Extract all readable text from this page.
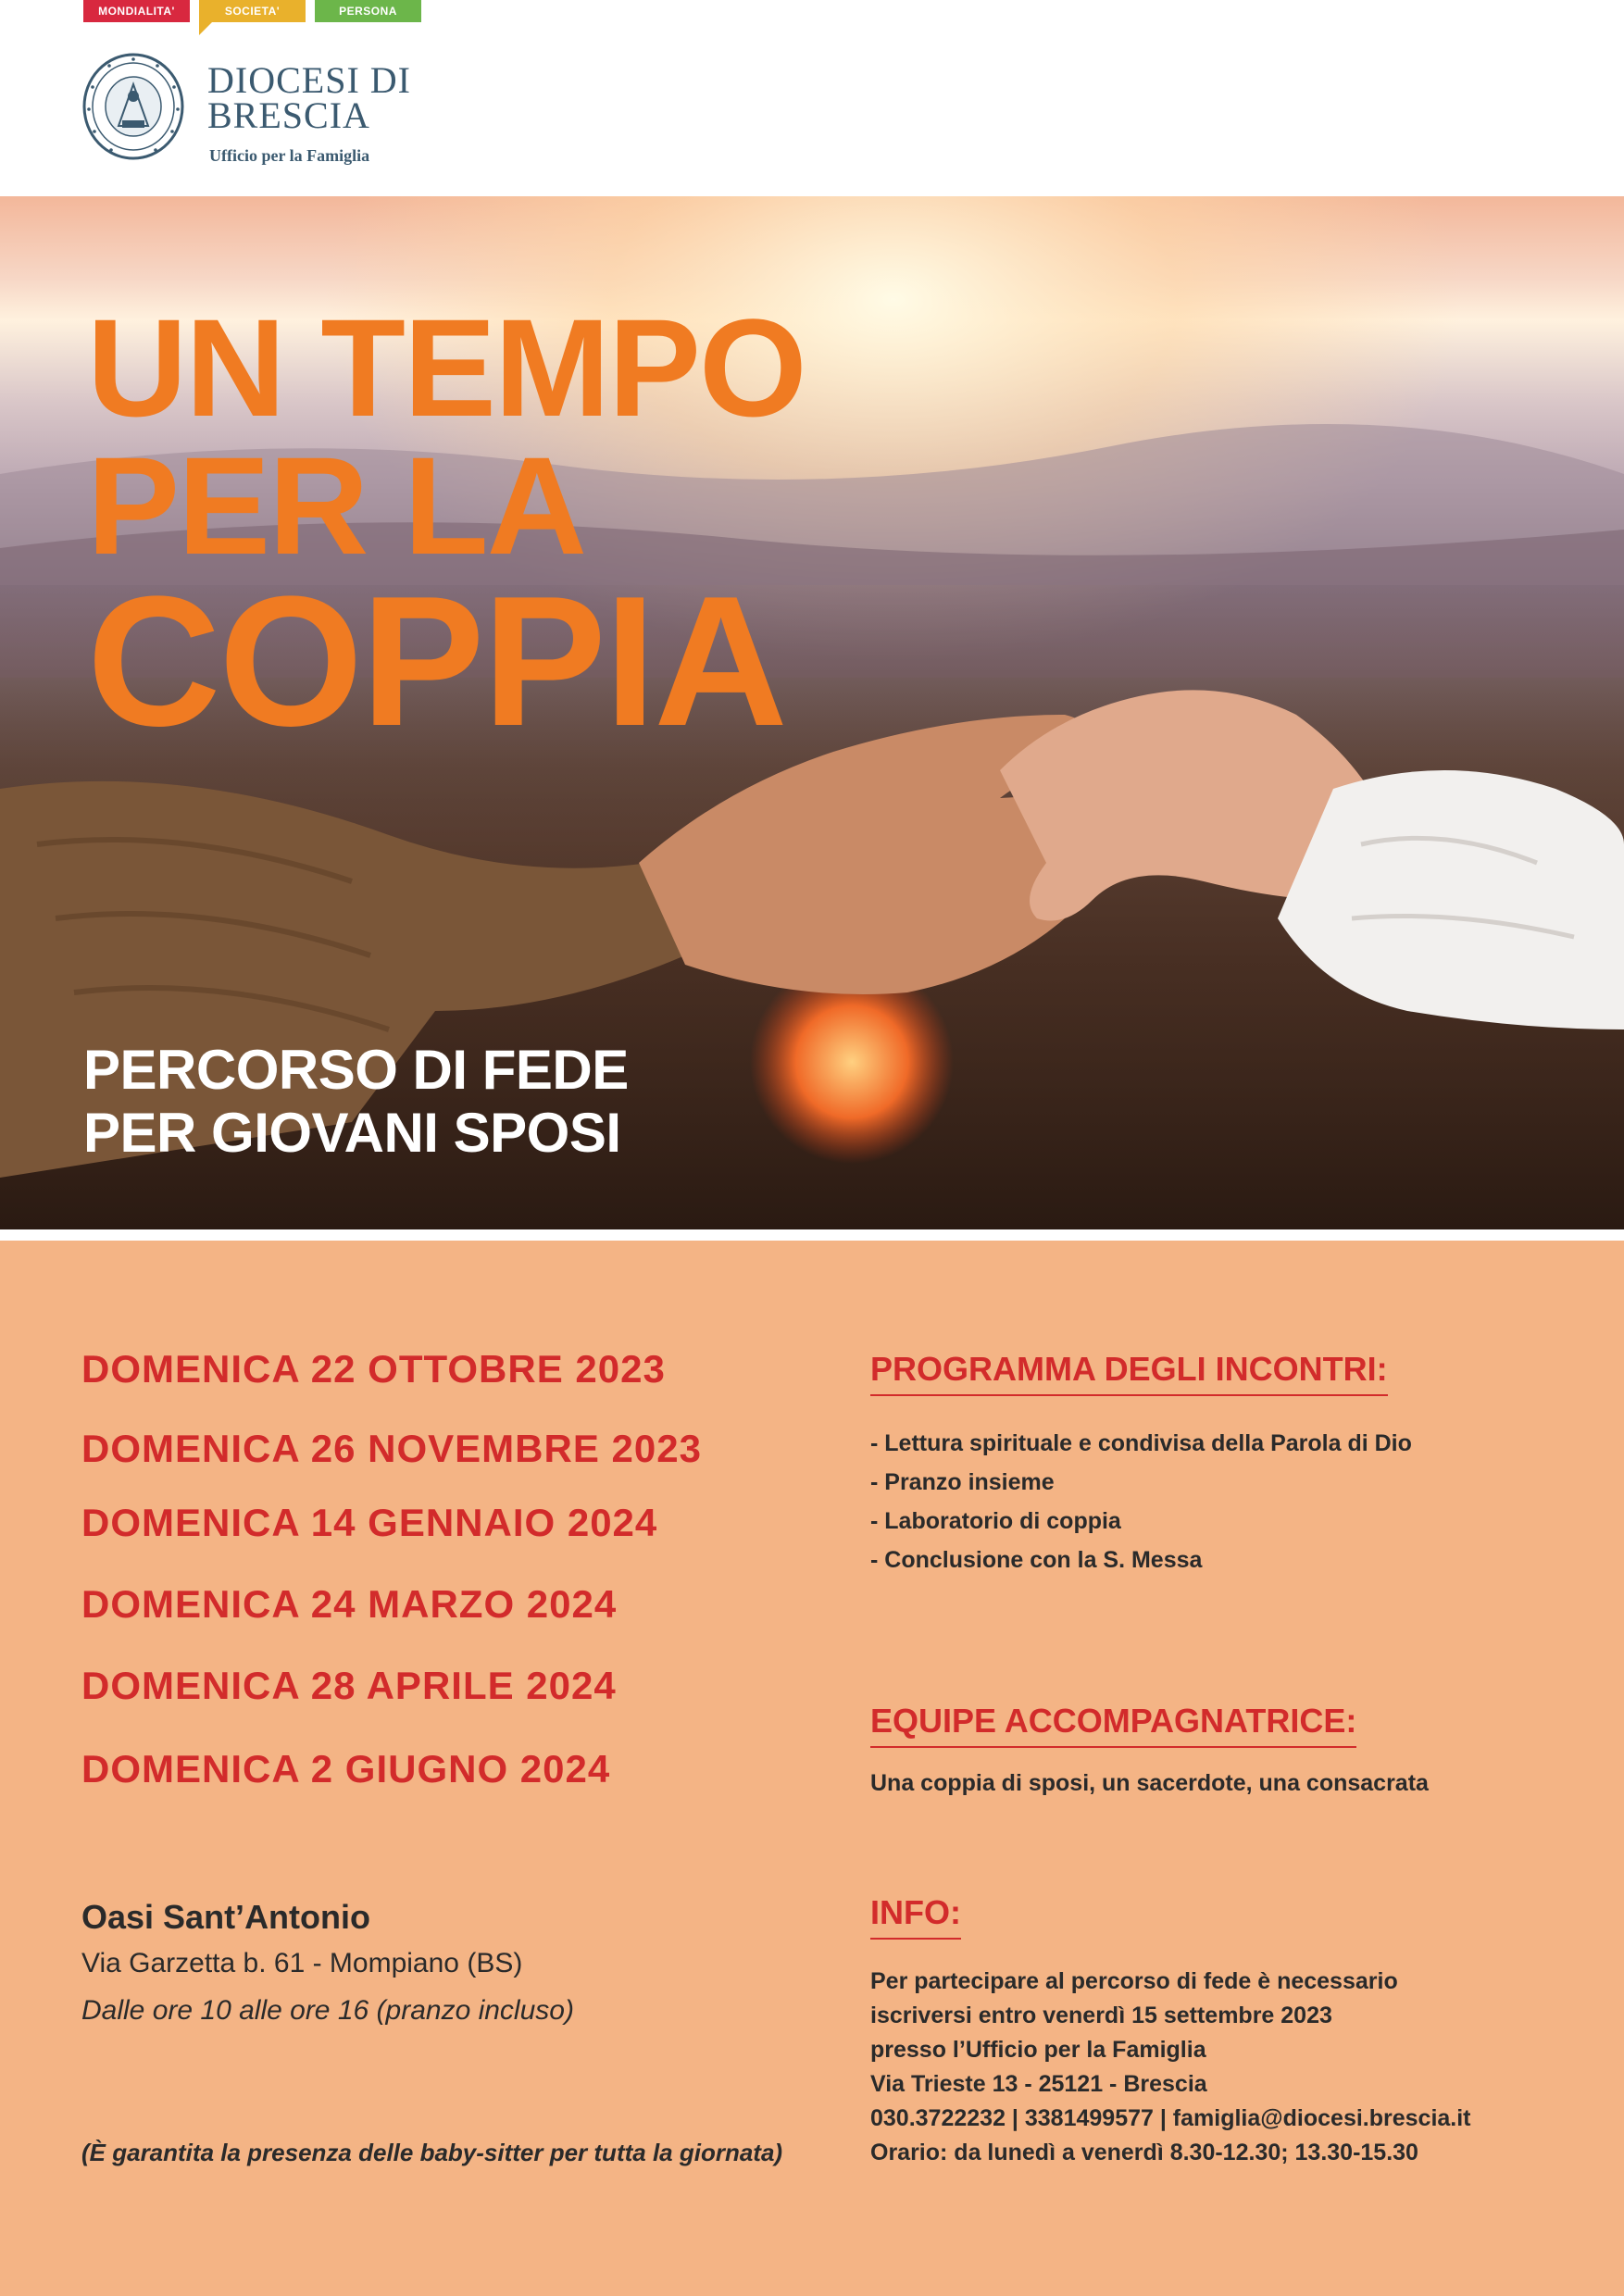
MONDIALITA'	SOCIETA'	PERSONA
DIOCESI DI
BRESCIA
Ufficio per la Famiglia
UN TEMPO
PER LA
COPPIA
PERCORSO DI FEDE
PER GIOVANI SPOSI
DOMENICA 22 OTTOBRE 2023
DOMENICA 26 NOVEMBRE 2023
DOMENICA 14 GENNAIO 2024
DOMENICA 24 MARZO 2024
DOMENICA 28 APRILE 2024
DOMENICA 2 GIUGNO 2024
PROGRAMMA DEGLI INCONTRI:
- Lettura spirituale e condivisa della Parola di Dio
- Pranzo insieme
- Laboratorio di coppia
- Conclusione con la S. Messa
EQUIPE ACCOMPAGNATRICE:
Una coppia di sposi, un sacerdote, una consacrata
INFO:
Per partecipare al percorso di fede è necessario
iscriversi entro venerdì 15 settembre 2023
presso l’Ufficio per la Famiglia
Via Trieste 13 - 25121 - Brescia
030.3722232 | 3381499577 | famiglia@diocesi.brescia.it
Orario: da lunedì a venerdì 8.30-12.30; 13.30-15.30
Oasi Sant’Antonio
Via Garzetta b. 61 - Mompiano (BS)
Dalle ore 10 alle ore 16 (pranzo incluso)
(È garantita la presenza delle baby-sitter per tutta la giornata)
